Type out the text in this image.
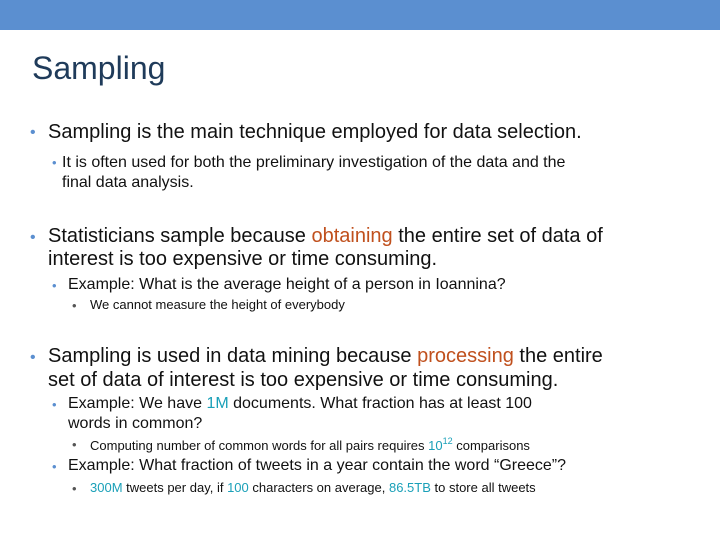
Sampling
• Sampling is the main technique employed for data selection.
• It is often used for both the preliminary investigation of the data and the
final data analysis.
• Statisticians sample because obtaining the entire set of data of
interest is too expensive or time consuming.
• Example: What is the average height of a person in Ioannina?
• We cannot measure the height of everybody
• Sampling is used in data mining because processing the entire
set of data of interest is too expensive or time consuming.
• Example: We have 1M documents. What fraction has at least 100
words in common?
• Computing number of common words for all pairs requires $10^{12}$ comparisons
• Example: What fraction of tweets in a year contain the word “Greece”?
• 300M tweets per day, if 100 characters on average, 86.5TB to store all tweets
